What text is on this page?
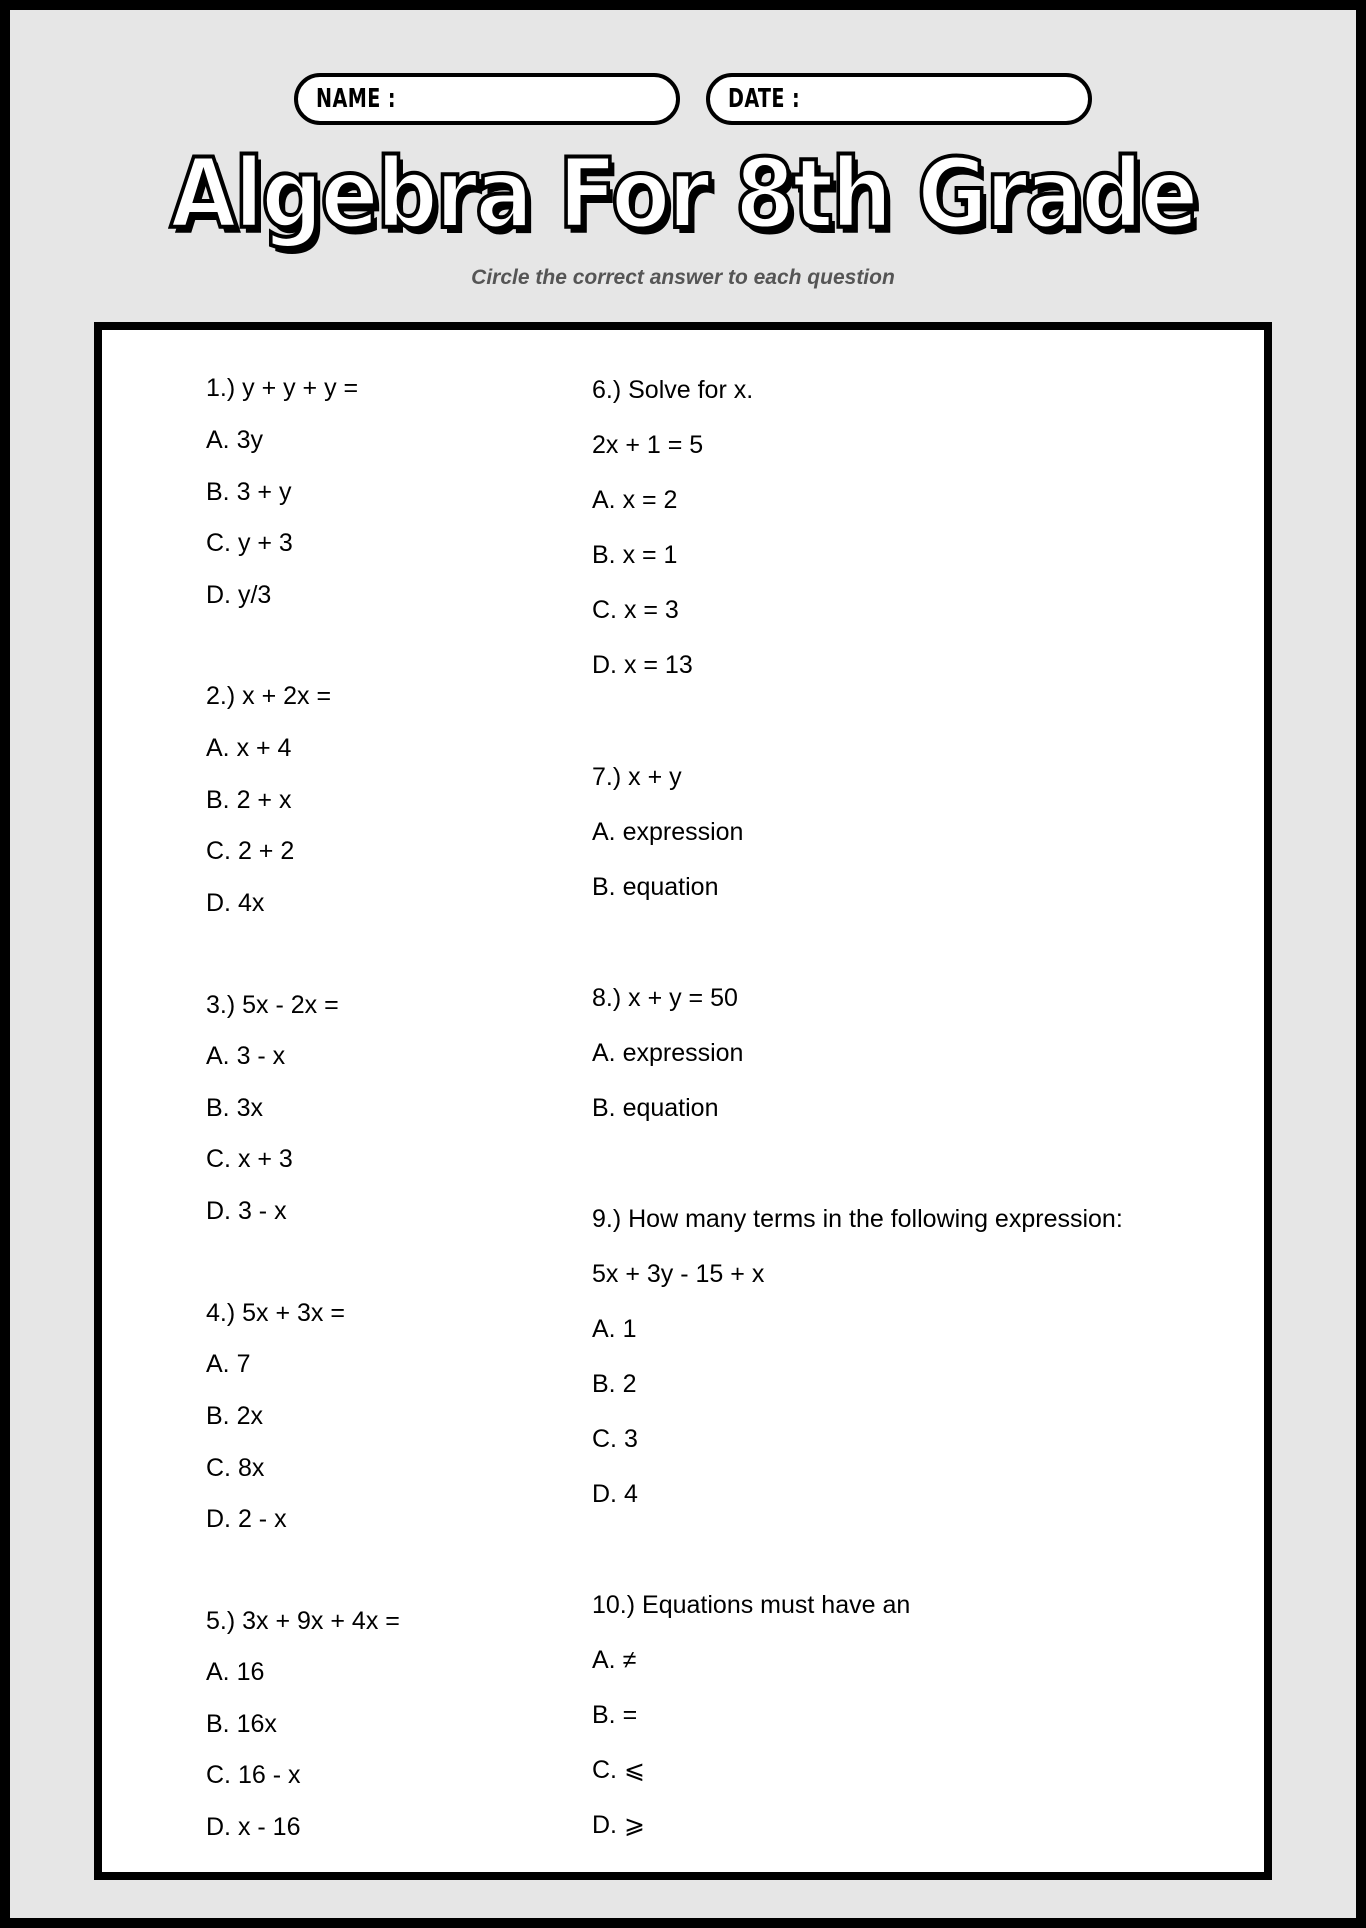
NAME :	DATE :
Algebra For 8th Grade
Circle the correct answer to each question
1.) y + y + y =
A. 3y
B. 3 + y
C. y + 3
D. y/3
2.) x + 2x =
A. x + 4
B. 2 + x
C. 2 + 2
D. 4x
3.) 5x - 2x =
A. 3 - x
B. 3x
C. x + 3
D. 3 - x
4.) 5x + 3x =
A. 7
B. 2x
C. 8x
D. 2 - x
5.) 3x + 9x + 4x =
A. 16
B. 16x
C. 16 - x
D. x - 16
6.) Solve for x.
2x + 1 = 5
A. x = 2
B. x = 1
C. x = 3
D. x = 13
7.) x + y
A. expression
B. equation
8.) x + y = 50
A. expression
B. equation
9.) How many terms in the following expression:
5x + 3y - 15 + x
A. 1
B. 2
C. 3
D. 4
10.) Equations must have an
A. ≠
B. =
C. ⩽
D. ⩾
